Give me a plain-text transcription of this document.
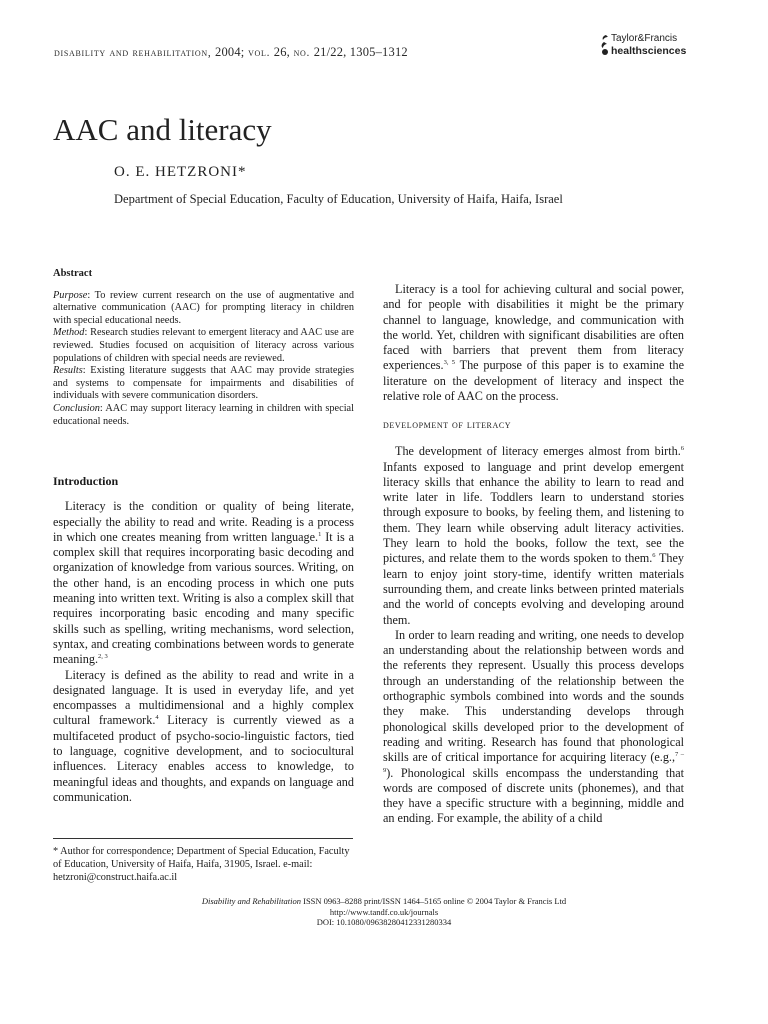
disability and rehabilitation, 2004; vol. 26, no. 21/22, 1305–1312
Taylor&Francis
healthsciences
AAC and literacy
O. E. HETZRONI*
Department of Special Education, Faculty of Education, University of Haifa, Haifa, Israel
Abstract

Purpose: To review current research on the use of augmentative and alternative communication (AAC) for prompting literacy in children with special educational needs.

Method: Research studies relevant to emergent literacy and AAC use are reviewed. Studies focused on acquisition of literacy across various populations of children with special needs are reviewed.

Results: Existing literature suggests that AAC may provide strategies and systems to compensate for impairments and disabilities of individuals with severe communication disorders.

Conclusion: AAC may support literacy learning in children with special educational needs.

Introduction

Literacy is the condition or quality of being literate, especially the ability to read and write. Reading is a process in which one creates meaning from written language.$^1$ It is a complex skill that requires incorporating basic decoding and organization of knowledge from various sources. Writing, on the other hand, is an encoding process in which one puts meaning into written text. Writing is also a complex skill that requires incorporating basic encoding and many specific skills such as spelling, writing mechanisms, word selection, syntax, and creating combinations between words to generate meaning.$^{2, 3}$

Literacy is defined as the ability to read and write in a designated language. It is used in everyday life, and yet encompasses a multidimensional and a highly complex cultural framework.$^4$ Literacy is currently viewed as a multifaceted product of psycho-socio-linguistic factors, tied to language, cognitive development, and to sociocultural influences. Literacy enables access to knowledge, to meaningful ideas and thoughts, and expands on language and communication.

* Author for correspondence; Department of Special Education, Faculty of Education, University of Haifa, Haifa, 31905, Israel. e-mail: hetzroni@construct.haifa.ac.il

Literacy is a tool for achieving cultural and social power, and for people with disabilities it might be the primary channel to language, knowledge, and communication with the world. Yet, children with significant disabilities are often faced with barriers that prevent them from literacy experiences.$^{3, 5}$ The purpose of this paper is to examine the literature on the development of literacy and inspect the relative role of AAC on the process.

development of literacy

The development of literacy emerges almost from birth.$^6$ Infants exposed to language and print develop emergent literacy skills that enhance the ability to learn to read and write later in life. Toddlers learn to understand stories through exposure to books, by feeling them, and listening to them. They learn while observing adult literacy activities. They learn to hold the books, follow the text, see the pictures, and relate them to the words spoken to them.$^6$ They learn to enjoy joint story-time, identify written materials surrounding them, and create links between printed materials and the world of concepts evolving and developing around them.

In order to learn reading and writing, one needs to develop an understanding about the relationship between words and the referents they represent. Usually this process develops through an understanding of the relationship between the orthographic symbols combined into words and the sounds they make. This understanding develops through phonological skills developed prior to the development of reading and writing. Research has found that phonological skills are of critical importance for acquiring literacy (e.g.,$^{7 - 9}$). Phonological skills encompass the understanding that words are composed of discrete units (phonemes), and that they have a specific structure with a beginning, middle and an ending. For example, the ability of a child

Disability and Rehabilitation ISSN 0963–8288 print/ISSN 1464–5165 online © 2004 Taylor & Francis Ltd
http://www.tandf.co.uk/journals
DOI: 10.1080/09638280412331280334
